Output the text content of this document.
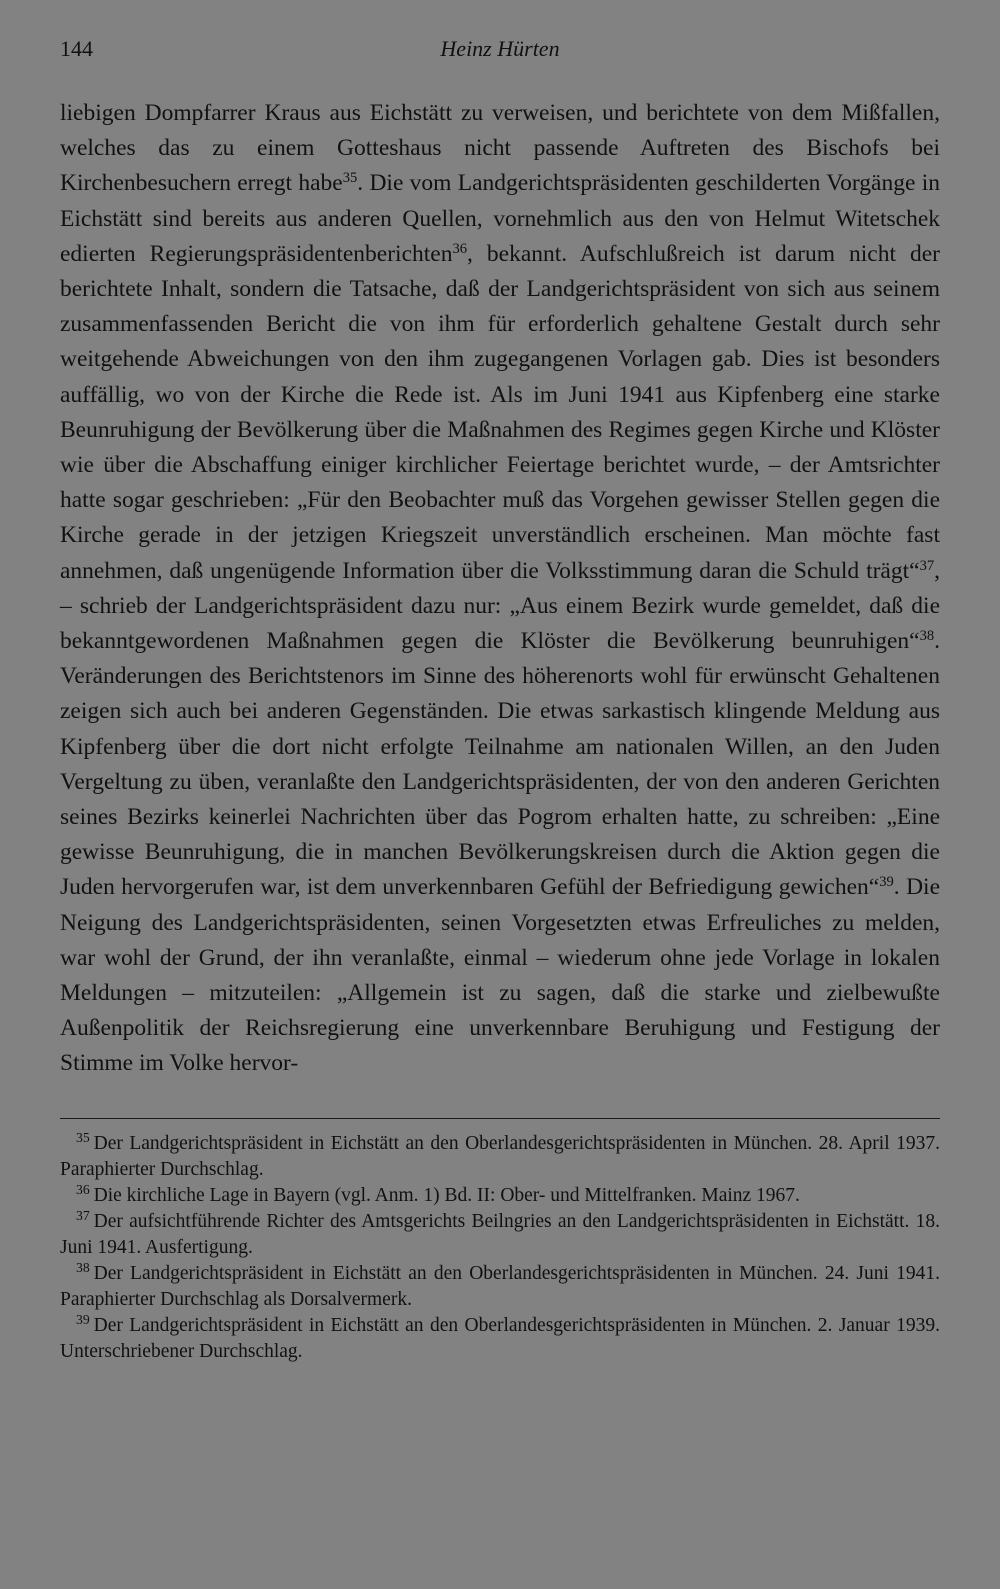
144	Heinz Hürten

liebigen Dompfarrer Kraus aus Eichstätt zu verweisen, und berichtete von dem Mißfallen, welches das zu einem Gotteshaus nicht passende Auftreten des Bischofs bei Kirchenbesuchern erregt habe$^{35}$. Die vom Landgerichtspräsidenten geschilderten Vorgänge in Eichstätt sind bereits aus anderen Quellen, vornehmlich aus den von Helmut Witetschek edierten Regierungspräsidentenberichten$^{36}$, bekannt. Aufschlußreich ist darum nicht der berichtete Inhalt, sondern die Tatsache, daß der Landgerichtspräsident von sich aus seinem zusammenfassenden Bericht die von ihm für erforderlich gehaltene Gestalt durch sehr weitgehende Abweichungen von den ihm zugegangenen Vorlagen gab. Dies ist besonders auffällig, wo von der Kirche die Rede ist. Als im Juni 1941 aus Kipfenberg eine starke Beunruhigung der Bevölkerung über die Maßnahmen des Regimes gegen Kirche und Klöster wie über die Abschaffung einiger kirchlicher Feiertage berichtet wurde, – der Amtsrichter hatte sogar geschrieben: „Für den Beobachter muß das Vorgehen gewisser Stellen gegen die Kirche gerade in der jetzigen Kriegszeit unverständlich erscheinen. Man möchte fast annehmen, daß ungenügende Information über die Volksstimmung daran die Schuld trägt“$^{37}$, – schrieb der Landgerichtspräsident dazu nur: „Aus einem Bezirk wurde gemeldet, daß die bekanntgewordenen Maßnahmen gegen die Klöster die Bevölkerung beunruhigen“$^{38}$. Veränderungen des Berichtstenors im Sinne des höherenorts wohl für erwünscht Gehaltenen zeigen sich auch bei anderen Gegenständen. Die etwas sarkastisch klingende Meldung aus Kipfenberg über die dort nicht erfolgte Teilnahme am nationalen Willen, an den Juden Vergeltung zu üben, veranlaßte den Landgerichtspräsidenten, der von den anderen Gerichten seines Bezirks keinerlei Nachrichten über das Pogrom erhalten hatte, zu schreiben: „Eine gewisse Beunruhigung, die in manchen Bevölkerungskreisen durch die Aktion gegen die Juden hervorgerufen war, ist dem unverkennbaren Gefühl der Befriedigung gewichen“$^{39}$. Die Neigung des Landgerichtspräsidenten, seinen Vorgesetzten etwas Erfreuliches zu melden, war wohl der Grund, der ihn veranlaßte, einmal – wiederum ohne jede Vorlage in lokalen Meldungen – mitzuteilen: „Allgemein ist zu sagen, daß die starke und zielbewußte Außenpolitik der Reichsregierung eine unverkennbare Beruhigung und Festigung der Stimme im Volke hervor-

$^{35}$ Der Landgerichtspräsident in Eichstätt an den Oberlandesgerichtspräsidenten in München. 28. April 1937. Paraphierter Durchschlag.

$^{36}$ Die kirchliche Lage in Bayern (vgl. Anm. 1) Bd. II: Ober- und Mittelfranken. Mainz 1967.

$^{37}$ Der aufsichtführende Richter des Amtsgerichts Beilngries an den Landgerichtspräsidenten in Eichstätt. 18. Juni 1941. Ausfertigung.

$^{38}$ Der Landgerichtspräsident in Eichstätt an den Oberlandesgerichtspräsidenten in München. 24. Juni 1941. Paraphierter Durchschlag als Dorsalvermerk.

$^{39}$ Der Landgerichtspräsident in Eichstätt an den Oberlandesgerichtspräsidenten in München. 2. Januar 1939. Unterschriebener Durchschlag.
